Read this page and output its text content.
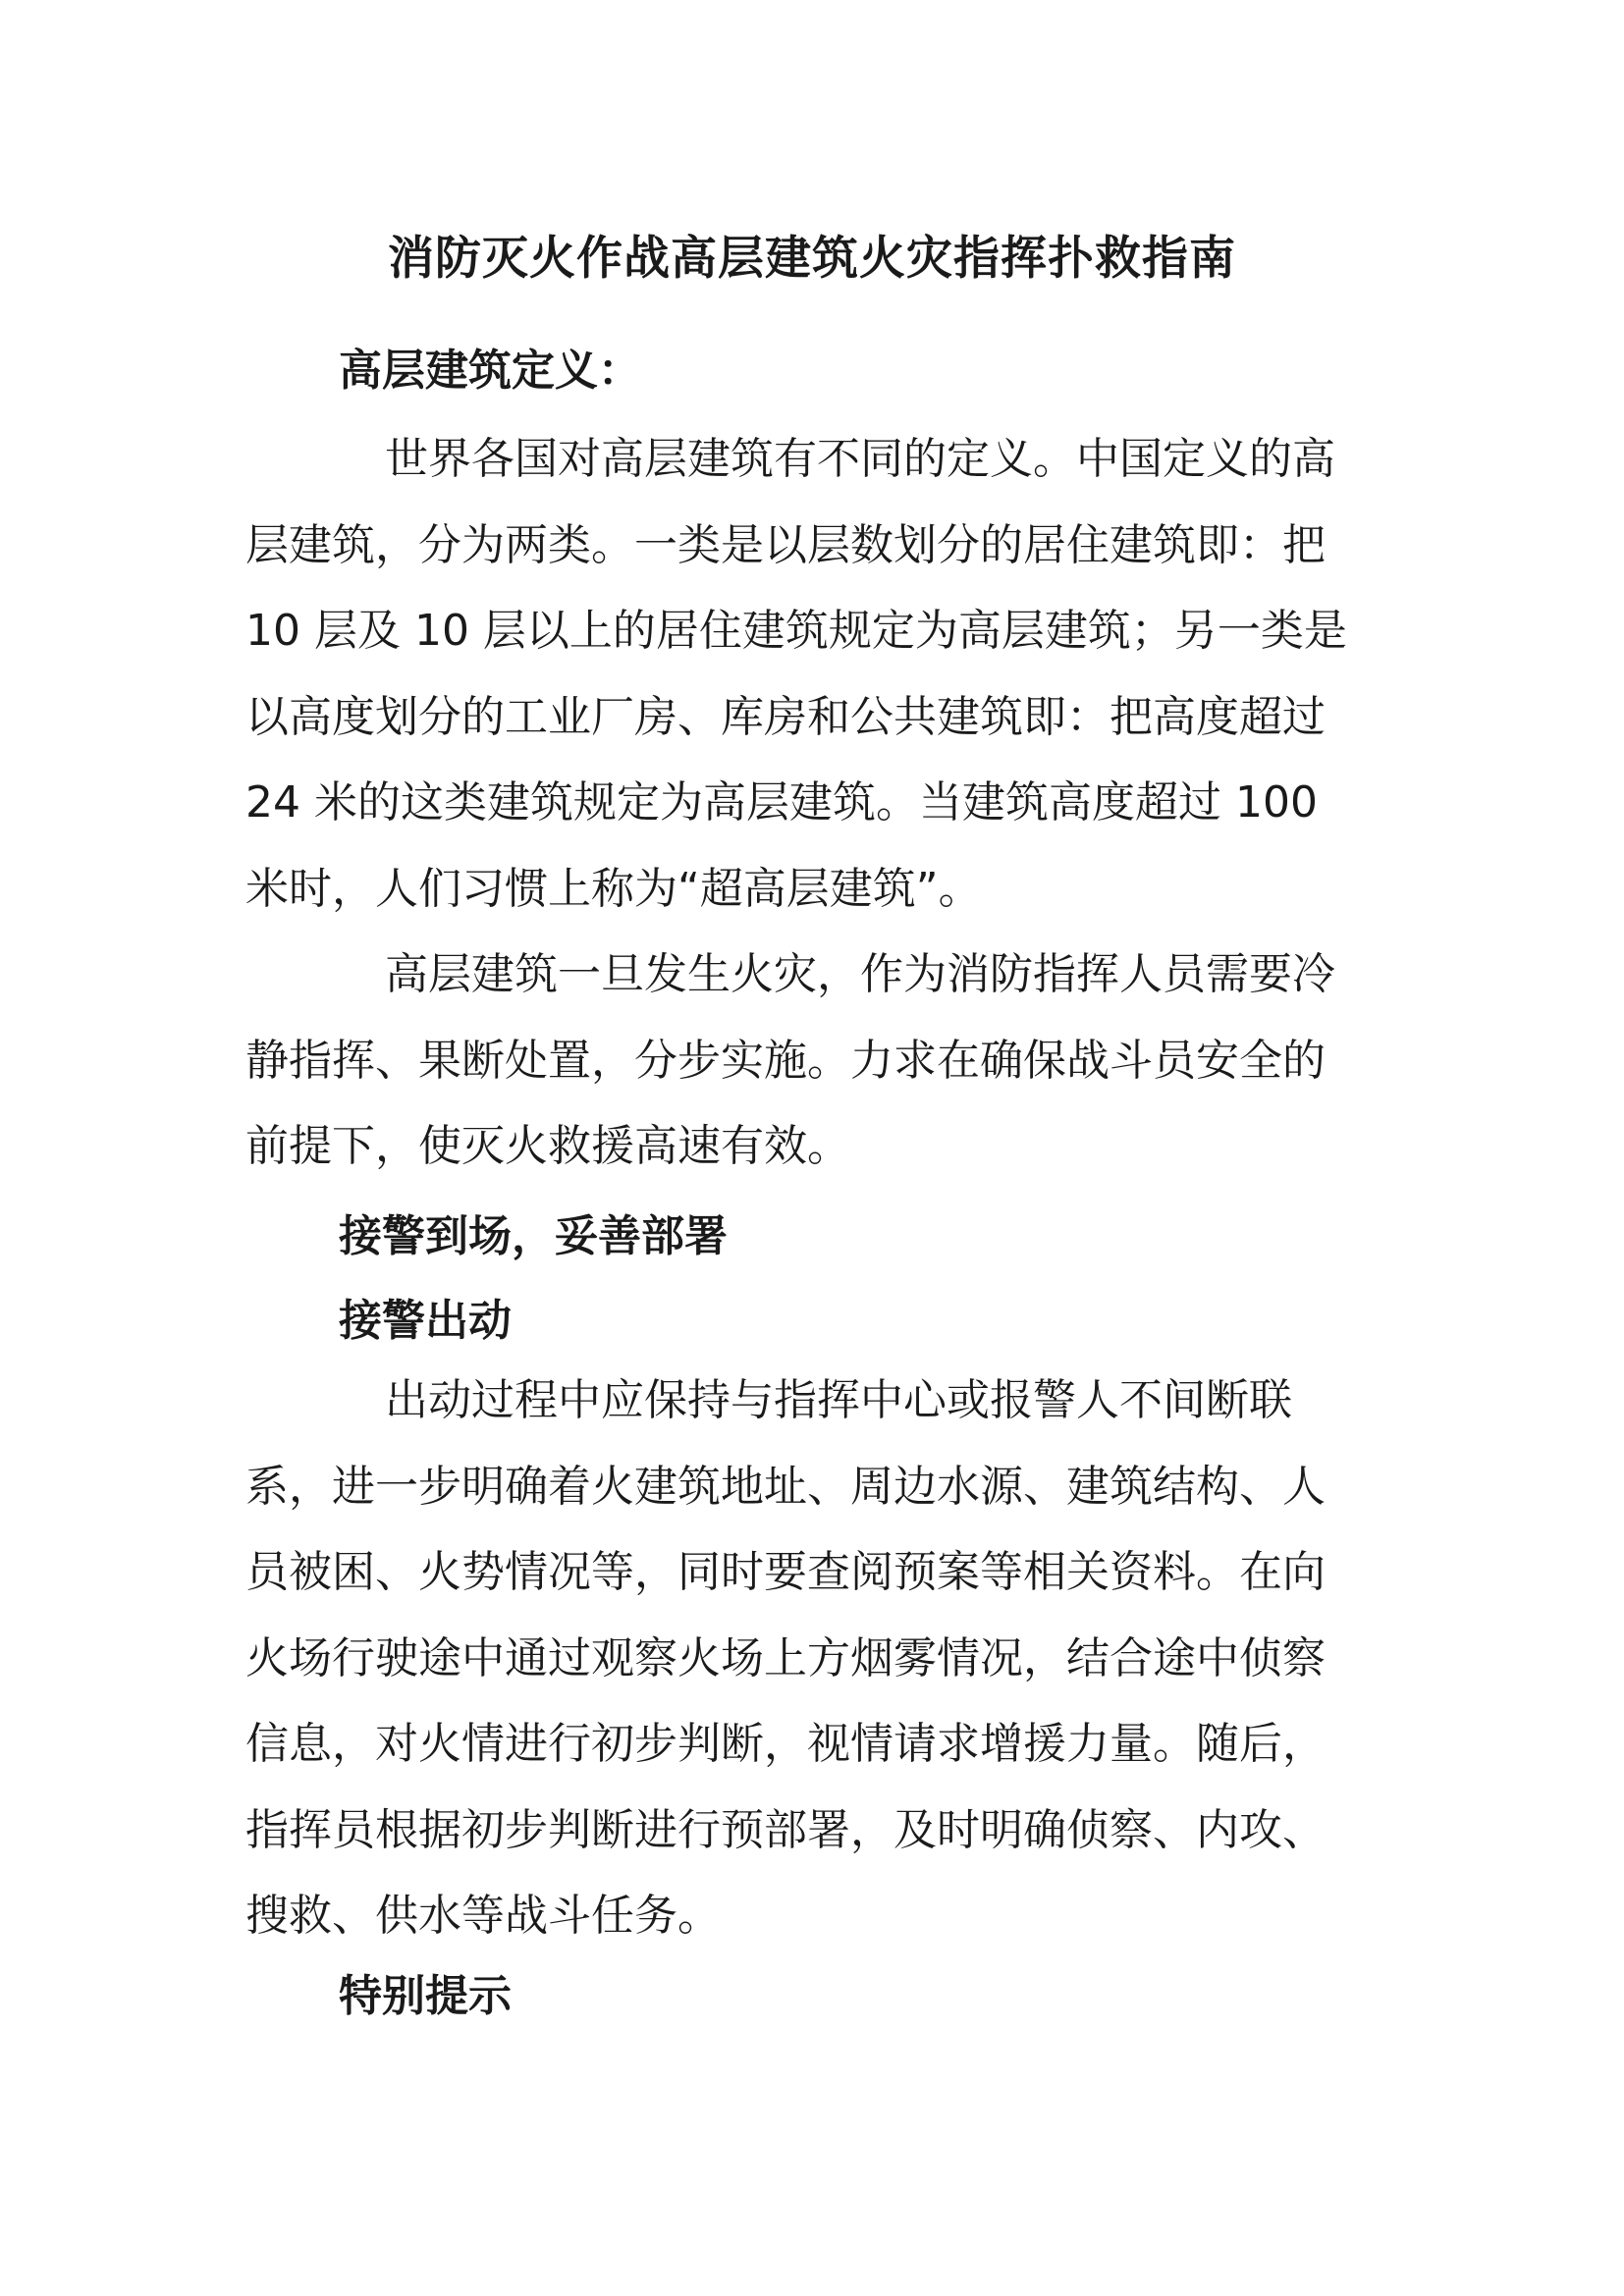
消防灭火作战高层建筑火灾指挥扑救指南
高层建筑定义：
世界各国对高层建筑有不同的定义。中国定义的高
层建筑，分为两类。一类是以层数划分的居住建筑即：把
10 层及 10 层以上的居住建筑规定为高层建筑；另一类是
以高度划分的工业厂房、库房和公共建筑即：把高度超过
24 米的这类建筑规定为高层建筑。当建筑高度超过 100
米时，人们习惯上称为“超高层建筑”。
高层建筑一旦发生火灾，作为消防指挥人员需要冷
静指挥、果断处置，分步实施。力求在确保战斗员安全的
前提下，使灭火救援高速有效。
接警到场，妥善部署
接警出动
出动过程中应保持与指挥中心或报警人不间断联
系，进一步明确着火建筑地址、周边水源、建筑结构、人
员被困、火势情况等，同时要查阅预案等相关资料。在向
火场行驶途中通过观察火场上方烟雾情况，结合途中侦察
信息，对火情进行初步判断，视情请求增援力量。随后，
指挥员根据初步判断进行预部署，及时明确侦察、内攻、
搜救、供水等战斗任务。
特别提示
